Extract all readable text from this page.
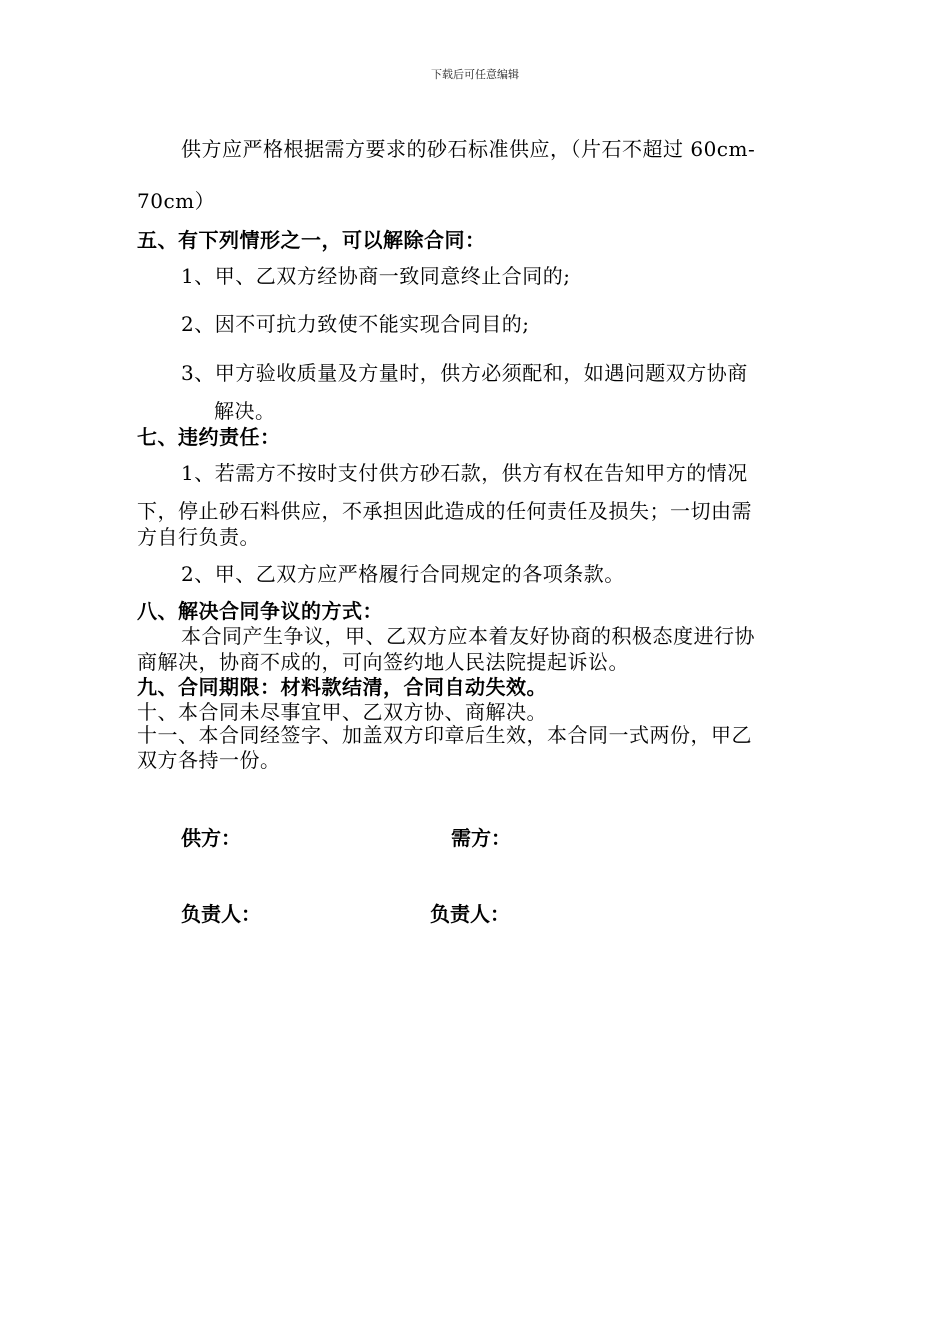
下载后可任意编辑
供方应严格根据需方要求的砂石标准供应，（片石不超过 60cm-
70cm）
五、有下列情形之一，可以解除合同：
1、甲、乙双方经协商一致同意终止合同的;
2、因不可抗力致使不能实现合同目的;
3、甲方验收质量及方量时，供方必须配和，如遇问题双方协商
解决。
七、违约责任：
1、若需方不按时支付供方砂石款，供方有权在告知甲方的情况
下，停止砂石料供应，不承担因此造成的任何责任及损失；一切由需
方自行负责。
2、甲、乙双方应严格履行合同规定的各项条款。
八、解决合同争议的方式：
本合同产生争议，甲、乙双方应本着友好协商的积极态度进行协
商解决，协商不成的，可向签约地人民法院提起诉讼。
九、合同期限：材料款结清，合同自动失效。
十、本合同未尽事宜甲、乙双方协、商解决。
十一、本合同经签字、加盖双方印章后生效，本合同一式两份，甲乙
双方各持一份。
供方：	需方：
负责人：	负责人：
